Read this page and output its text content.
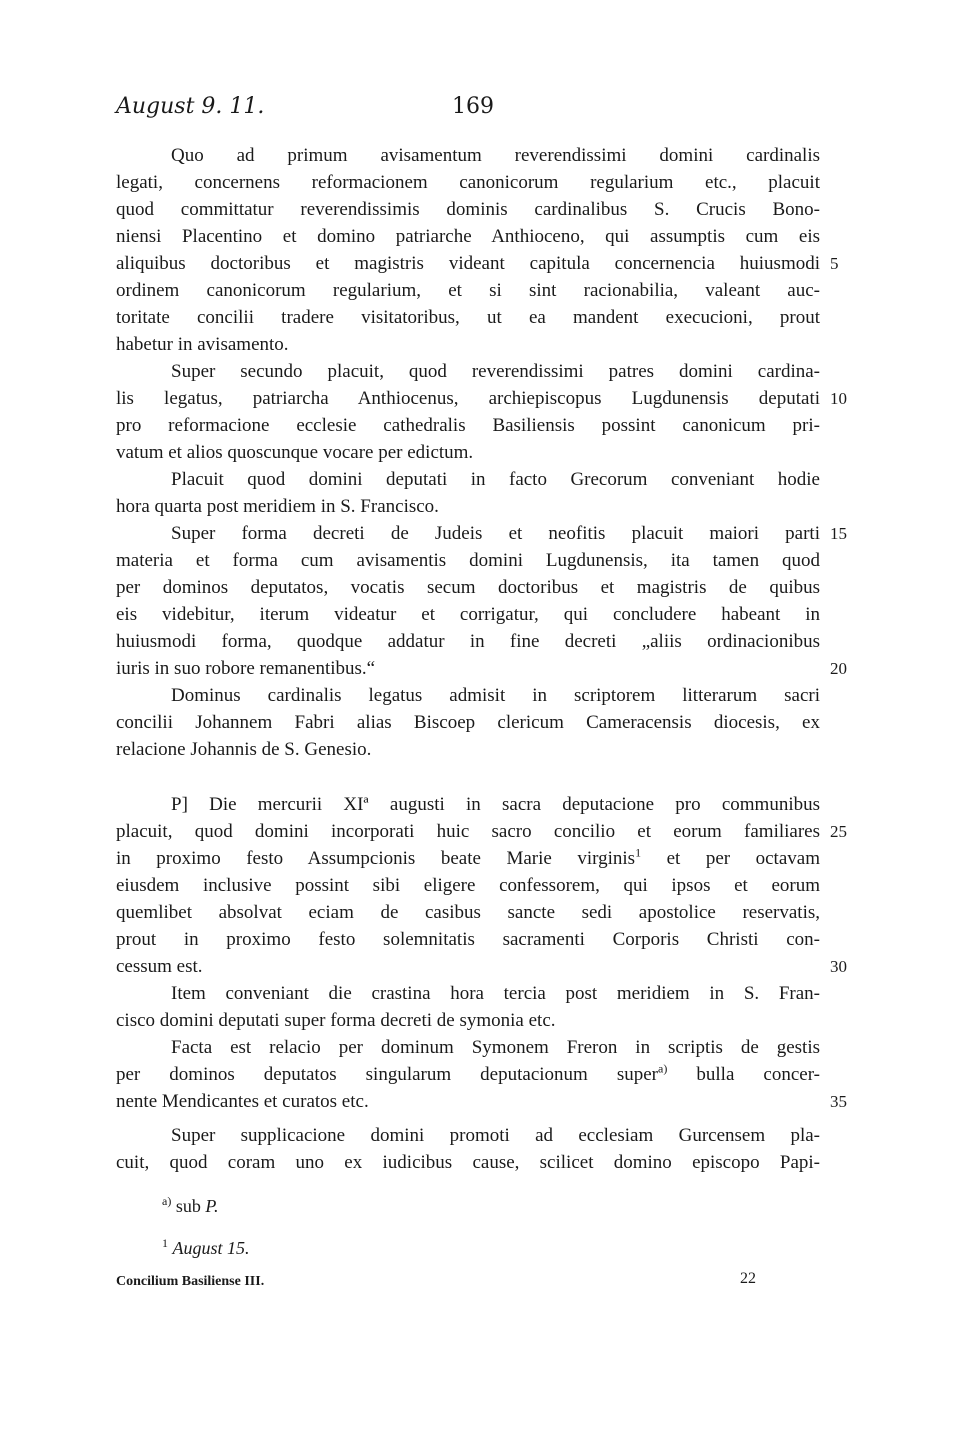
August 9. 11.	169
Quo ad primum avisamentum reverendissimi domini cardinalis
legati, concernens reformacionem canonicorum regularium etc., placuit
quod committatur reverendissimis dominis cardinalibus S. Crucis Bono-
niensi Placentino et domino patriarche Anthioceno, qui assumptis cum eis
aliquibus doctoribus et magistris videant capitula concernencia huiusmodi
ordinem canonicorum regularium, et si sint racionabilia, valeant auc-
toritate concilii tradere visitatoribus, ut ea mandent execucioni, prout
habetur in avisamento.
Super secundo placuit, quod reverendissimi patres domini cardina-
lis legatus, patriarcha Anthiocenus, archiepiscopus Lugdunensis deputati
pro reformacione ecclesie cathedralis Basiliensis possint canonicum pri-
vatum et alios quoscunque vocare per edictum.
Placuit quod domini deputati in facto Grecorum conveniant hodie
hora quarta post meridiem in S. Francisco.
Super forma decreti de Judeis et neofitis placuit maiori parti
materia et forma cum avisamentis domini Lugdunensis, ita tamen quod
per dominos deputatos, vocatis secum doctoribus et magistris de quibus
eis videbitur, iterum videatur et corrigatur, qui concludere habeant in
huiusmodi forma, quodque addatur in fine decreti „aliis ordinacionibus
iuris in suo robore remanentibus.“
Dominus cardinalis legatus admisit in scriptorem litterarum sacri
concilii Johannem Fabri alias Biscoep clericum Cameracensis diocesis, ex
relacione Johannis de S. Genesio.
P] Die mercurii XIª augusti in sacra deputacione pro communibus
placuit, quod domini incorporati huic sacro concilio et eorum familiares
in proximo festo Assumpcionis beate Marie virginis$^1$ et per octavam
eiusdem inclusive possint sibi eligere confessorem, qui ipsos et eorum
quemlibet absolvat eciam de casibus sancte sedi apostolice reservatis,
prout in proximo festo solemnitatis sacramenti Corporis Christi con-
cessum est.
Item conveniant die crastina hora tercia post meridiem in S. Fran-
cisco domini deputati super forma decreti de symonia etc.
Facta est relacio per dominum Symonem Freron in scriptis de gestis
per dominos deputatos singularum deputacionum super$^{a)}$ bulla concer-
nente Mendicantes et curatos etc.
Super supplicacione domini promoti ad ecclesiam Gurcensem pla-
cuit, quod coram uno ex iudicibus cause, scilicet domino episcopo Papi-
5
10
15
20
25
30
35
$^{a)}$ sub P.
$^1$ August 15.
Concilium Basiliense III.	22
